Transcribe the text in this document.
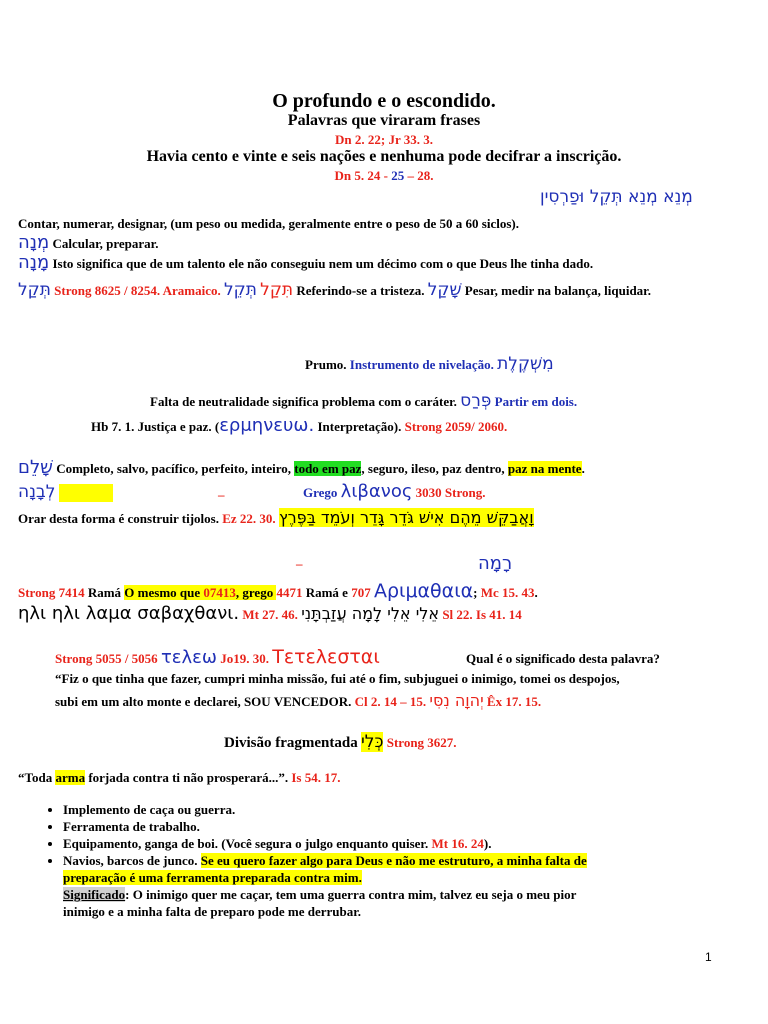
O profundo e o escondido.
Palavras que viraram frases
Dn 2. 22; Jr 33. 3.
Havia cento e vinte e seis nações e nenhuma pode decifrar a inscrição.
Dn 5. 24 - 25 – 28.
מְנֵא מְנֵא תְּקֵל וּפַרְסִין
Contar, numerar, designar, (um peso ou medida, geralmente entre o peso de 50 a 60 siclos).
מְנָה Calcular, preparar.
מָנָה Isto significa que de um talento ele não conseguiu nem um décimo com o que Deus lhe tinha dado.
תְּקַל Strong 8625 / 8254. Aramaico. תְּקֵל תִּקַל Referindo-se a tristeza. שָׁקַל Pesar, medir na balança, liquidar.
Prumo. Instrumento de nivelação. מִשְׁקֶלֶת
Falta de neutralidade significa problema com o caráter. פְּרַס Partir em dois.
Hb 7. 1. Justiça e paz. (ερμηνευω. Interpretação). Strong 2059/ 2060.
שָׁלֵם Completo, salvo, pacífico, perfeito, inteiro, todo em paz, seguro, ileso, paz dentro, paz na mente.
לְבָנָה	–	Grego λιβανος 3030 Strong.
Orar desta forma é construir tijolos. Ez 22. 30. וָאֲבַקֵּשׁ מֵהֶם אִישׁ גֹּדֵר גָּדֵר וְעֹמֵד בַּפֶּרֶץ
–	רָמָה
Strong 7414 Ramá O mesmo que 07413, grego 4471 Ramá e 707 Αριμαθαια; Mc 15. 43.
ηλι ηλι λαμα σαβαχθανι. Mt 27. 46. אֵלִי אֵלִי לָמָה עֲזַבְתָּנִי Sl 22. Is 41. 14
Strong 5055 / 5056 τελεω Jo19. 30. Τετελεσται	Qual é o significado desta palavra?
“Fiz o que tinha que fazer, cumpri minha missão, fui até o fim, subjuguei o inimigo, tomei os despojos,
subi em um alto monte e declarei, SOU VENCEDOR. Cl 2. 14 – 15. יְהוָה נִסִּי Êx 17. 15.
Divisão fragmentada כְּלִי Strong 3627.
“Toda arma forjada contra ti não prosperará...”. Is 54. 17.
• Implemento de caça ou guerra.
• Ferramenta de trabalho.
• Equipamento, ganga de boi. (Você segura o julgo enquanto quiser. Mt 16. 24).
• Navios, barcos de junco. Se eu quero fazer algo para Deus e não me estruturo, a minha falta de
preparação é uma ferramenta preparada contra mim.
Significado: O inimigo quer me caçar, tem uma guerra contra mim, talvez eu seja o meu pior
inimigo e a minha falta de preparo pode me derrubar.
1
